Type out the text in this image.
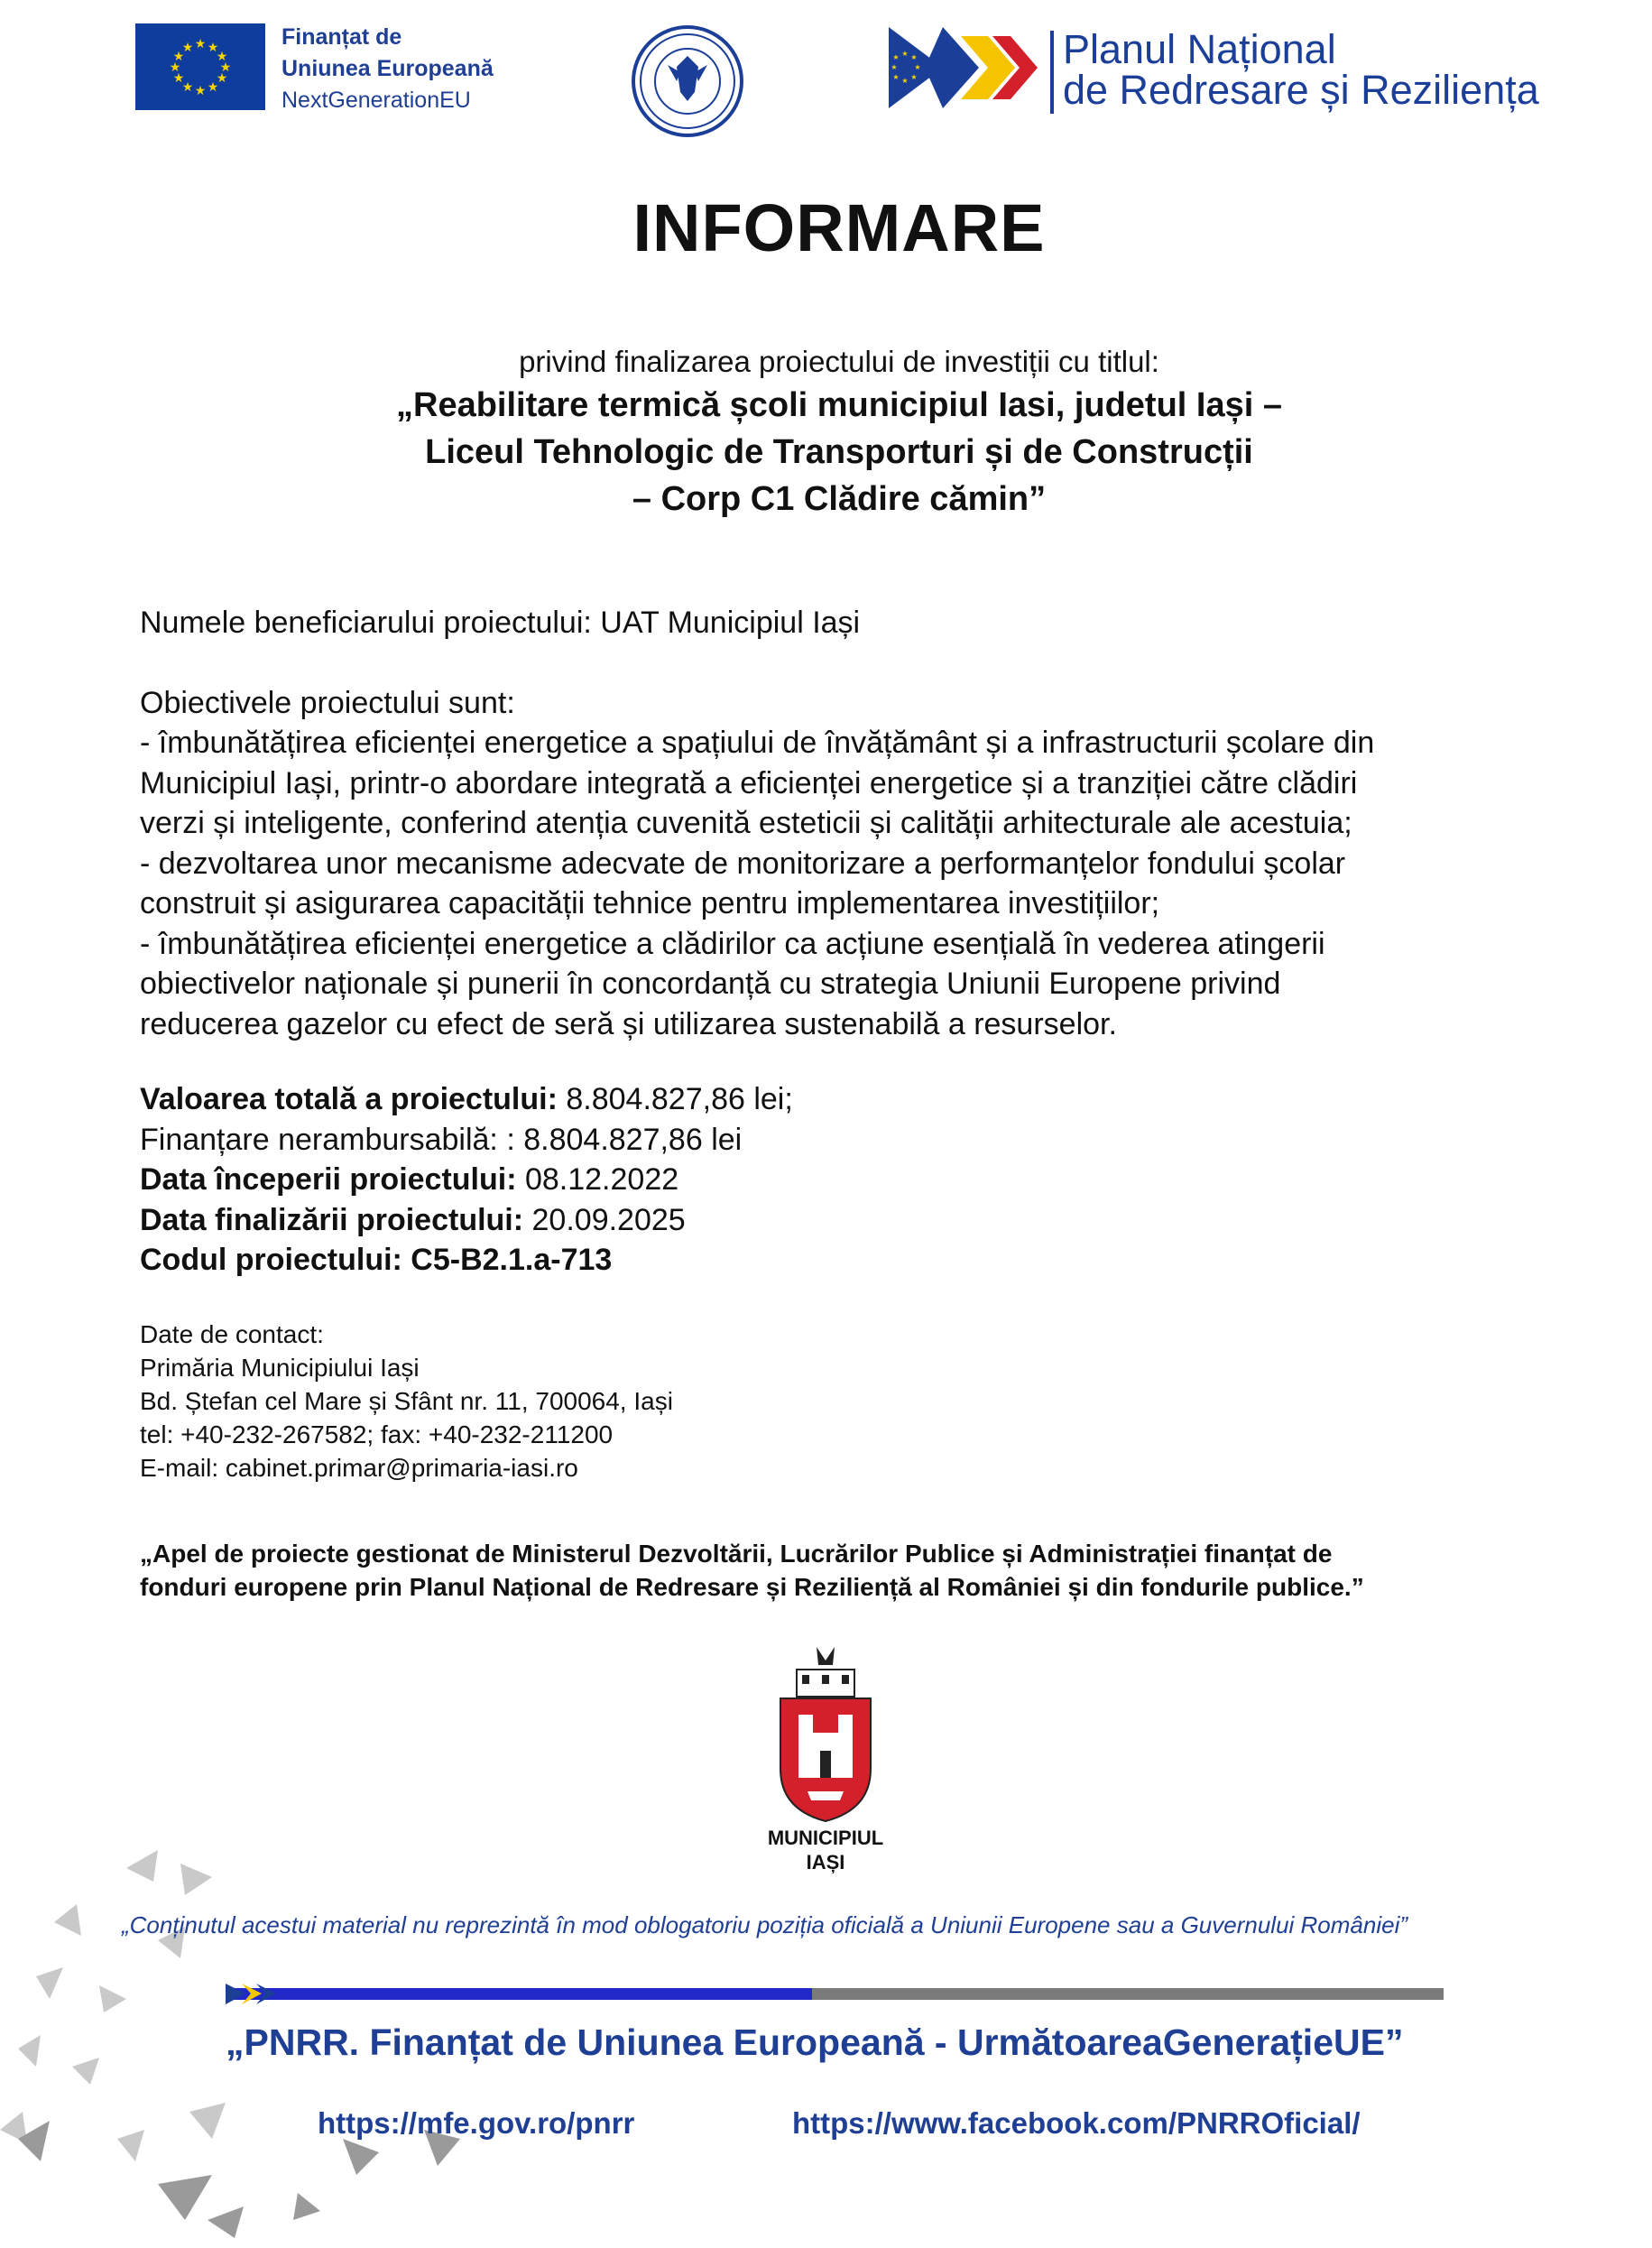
★ ★
★
★
★
★
★
★
★
★
★
★	Finanțat de
Uniunea Europeană
NextGenerationEU
★ ★
★
★
★
★
★
★	Planul Național
de Redresare și Reziliența
INFORMARE
privind finalizarea proiectului de investiții cu titlul:
„Reabilitare termică școli municipiul Iasi, judetul Iași –
Liceul Tehnologic de Transporturi și de Construcții
– Corp C1 Clădire cămin”

Numele beneficiarului proiectului: UAT Municipiul Iași

Obiectivele proiectului sunt:

- îmbunătățirea eficienței energetice a spațiului de învățământ și a infrastructurii școlare din

Municipiul Iași, printr-o abordare integrată a eficienței energetice și a tranziției către clădiri

verzi și inteligente, conferind atenția cuvenită esteticii și calității arhitecturale ale acestuia;

- dezvoltarea unor mecanisme adecvate de monitorizare a performanțelor fondului școlar

construit și asigurarea capacității tehnice pentru implementarea investițiilor;

- îmbunătățirea eficienței energetice a clădirilor ca acțiune esențială în vederea atingerii

obiectivelor naționale și punerii în concordanță cu strategia Uniunii Europene privind

reducerea gazelor cu efect de seră și utilizarea sustenabilă a resurselor.

Valoarea totală a proiectului: 8.804.827,86 lei;
Finanțare nerambursabilă: : 8.804.827,86 lei
Data începerii proiectului: 08.12.2022
Data finalizării proiectului: 20.09.2025
Codul proiectului: C5-B2.1.a-713
Date de contact:
Primăria Municipiului Iași
Bd. Ștefan cel Mare și Sfânt nr. 11, 700064, Iași
tel: +40-232-267582; fax: +40-232-211200
E-mail: cabinet.primar@primaria-iasi.ro
„Apel de proiecte gestionat de Ministerul Dezvoltării, Lucrărilor Publice și Administrației finanțat de
fonduri europene prin Planul Național de Redresare și Reziliență al României și din fondurile publice.”
MUNICIPIUL
IAȘI
„Conținutul acestui material nu reprezintă în mod oblogatoriu poziția oficială a Uniunii Europene sau a Guvernului României”
„PNRR. Finanțat de Uniunea Europeană - UrmătoareaGenerațieUE”
https://mfe.gov.ro/pnrr	https://www.facebook.com/PNRROficial/
